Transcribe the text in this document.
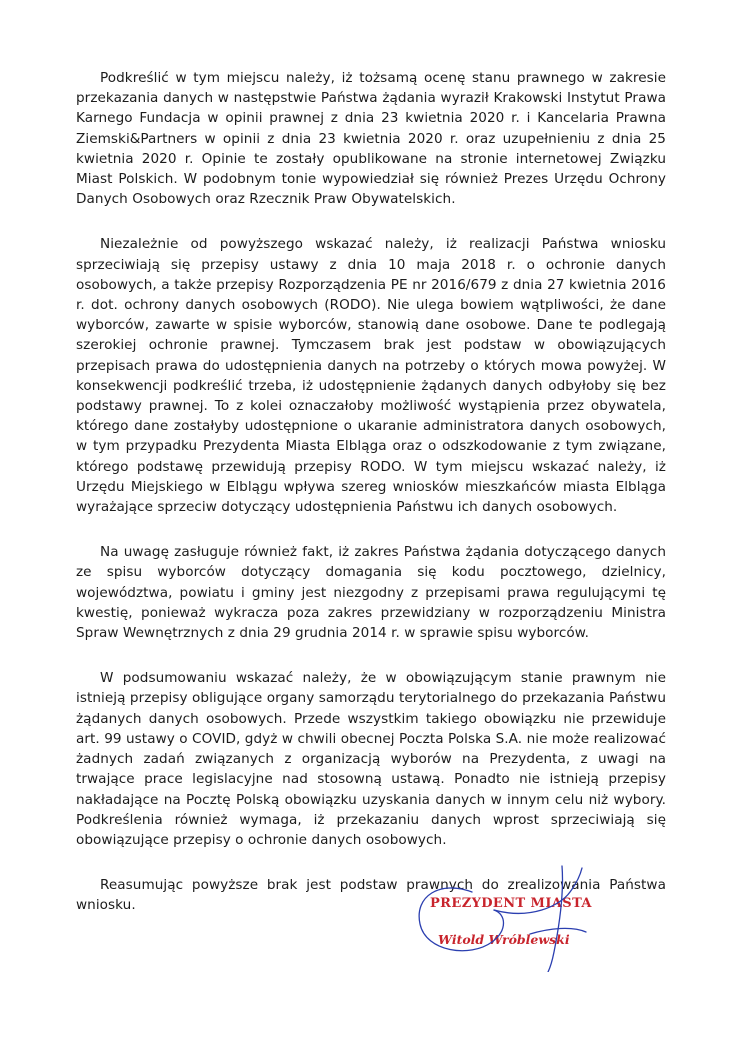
Podkreślić w tym miejscu należy, iż tożsamą ocenę stanu prawnego w zakresie przekazania danych w następstwie Państwa żądania wyraził Krakowski Instytut Prawa Karnego Fundacja w opinii prawnej z dnia 23 kwietnia 2020 r. i Kancelaria Prawna Ziemski&Partners w opinii z dnia 23 kwietnia 2020 r. oraz uzupełnieniu z dnia 25 kwietnia 2020 r. Opinie te zostały opublikowane na stronie internetowej Związku Miast Polskich. W podobnym tonie wypowiedział się również Prezes Urzędu Ochrony Danych Osobowych oraz Rzecznik Praw Obywatelskich.

Niezależnie od powyższego wskazać należy, iż realizacji Państwa wniosku sprzeciwiają się przepisy ustawy z dnia 10 maja 2018 r. o ochronie danych osobowych, a także przepisy Rozporządzenia PE nr 2016/679 z dnia 27 kwietnia 2016 r. dot. ochrony danych osobowych (RODO). Nie ulega bowiem wątpliwości, że dane wyborców, zawarte w spisie wyborców, stanowią dane osobowe. Dane te podlegają szerokiej ochronie prawnej. Tymczasem brak jest podstaw w obowiązujących przepisach prawa do udostępnienia danych na potrzeby o których mowa powyżej. W konsekwencji podkreślić trzeba, iż udostępnienie żądanych danych odbyłoby się bez podstawy prawnej. To z kolei oznaczałoby możliwość wystąpienia przez obywatela, którego dane zostałyby udostępnione o ukaranie administratora danych osobowych, w tym przypadku Prezydenta Miasta Elbląga oraz o odszkodowanie z tym związane, którego podstawę przewidują przepisy RODO. W tym miejscu wskazać należy, iż Urzędu Miejskiego w Elblągu wpływa szereg wniosków mieszkańców miasta Elbląga wyrażające sprzeciw dotyczący udostępnienia Państwu ich danych osobowych.

Na uwagę zasługuje również fakt, iż zakres Państwa żądania dotyczącego danych ze spisu wyborców dotyczący domagania się kodu pocztowego, dzielnicy, województwa, powiatu i gminy jest niezgodny z przepisami prawa regulującymi tę kwestię, ponieważ wykracza poza zakres przewidziany w rozporządzeniu Ministra Spraw Wewnętrznych z dnia 29 grudnia 2014 r. w sprawie spisu wyborców.

W podsumowaniu wskazać należy, że w obowiązującym stanie prawnym nie istnieją przepisy obligujące organy samorządu terytorialnego do przekazania Państwu żądanych danych osobowych. Przede wszystkim takiego obowiązku nie przewiduje art. 99 ustawy o COVID, gdyż w chwili obecnej Poczta Polska S.A. nie może realizować żadnych zadań związanych z organizacją wyborów na Prezydenta, z uwagi na trwające prace legislacyjne nad stosowną ustawą. Ponadto nie istnieją przepisy nakładające na Pocztę Polską obowiązku uzyskania danych w innym celu niż wybory. Podkreślenia również wymaga, iż przekazaniu danych wprost sprzeciwiają się obowiązujące przepisy o ochronie danych osobowych.

Reasumując powyższe brak jest podstaw prawnych do zrealizowania Państwa wniosku.	PREZYDENT MIASTA
Witold Wróblewski
